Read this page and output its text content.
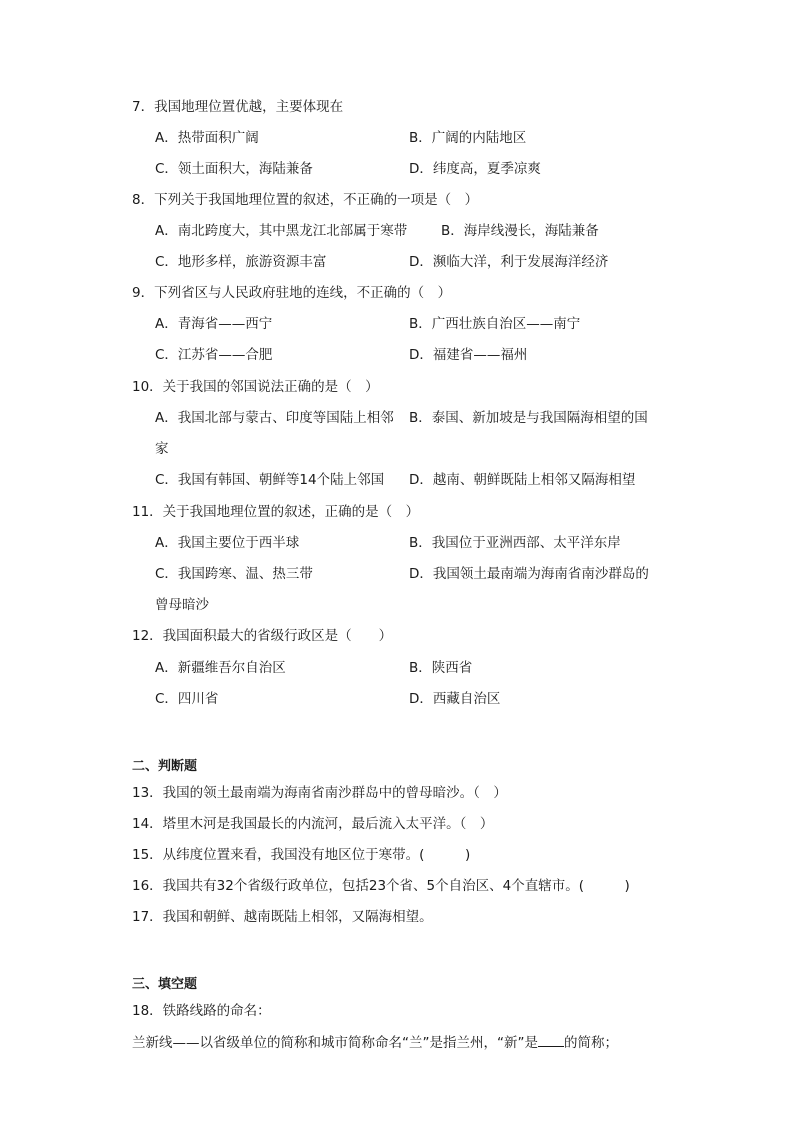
7．我国地理位置优越，主要体现在
A．热带面积广阔	B．广阔的内陆地区
C．领土面积大，海陆兼备	D．纬度高，夏季凉爽
8．下列关于我国地理位置的叙述，不正确的一项是（　）
A．南北跨度大，其中黑龙江北部属于寒带	B．海岸线漫长，海陆兼备
C．地形多样，旅游资源丰富	D．濒临大洋，利于发展海洋经济
9．下列省区与人民政府驻地的连线，不正确的（　）
A．青海省——西宁	B．广西壮族自治区——南宁
C．江苏省——合肥	D．福建省——福州
10．关于我国的邻国说法正确的是（　）
A．我国北部与蒙古、印度等国陆上相邻 B．泰国、新加坡是与我国隔海相望的国
家
C．我国有韩国、朝鲜等14个陆上邻国 D．越南、朝鲜既陆上相邻又隔海相望
11．关于我国地理位置的叙述，正确的是（　）
A．我国主要位于西半球	B．我国位于亚洲西部、太平洋东岸
C．我国跨寒、温、热三带	D．我国领土最南端为海南省南沙群岛的
曾母暗沙
12．我国面积最大的省级行政区是（　　）
A．新疆维吾尔自治区	B．陕西省
C．四川省	D．西藏自治区
二、判断题
13．我国的领土最南端为海南省南沙群岛中的曾母暗沙。（　）
14．塔里木河是我国最长的内流河，最后流入太平洋。（　）
15．从纬度位置来看，我国没有地区位于寒带。(　　　)
16．我国共有32个省级行政单位，包括23个省、5个自治区、4个直辖市。(　　　)
17．我国和朝鲜、越南既陆上相邻，又隔海相望。
三、填空题
18．铁路线路的命名：
兰新线——以省级单位的简称和城市简称命名“兰”是指兰州，“新”是 的简称；
